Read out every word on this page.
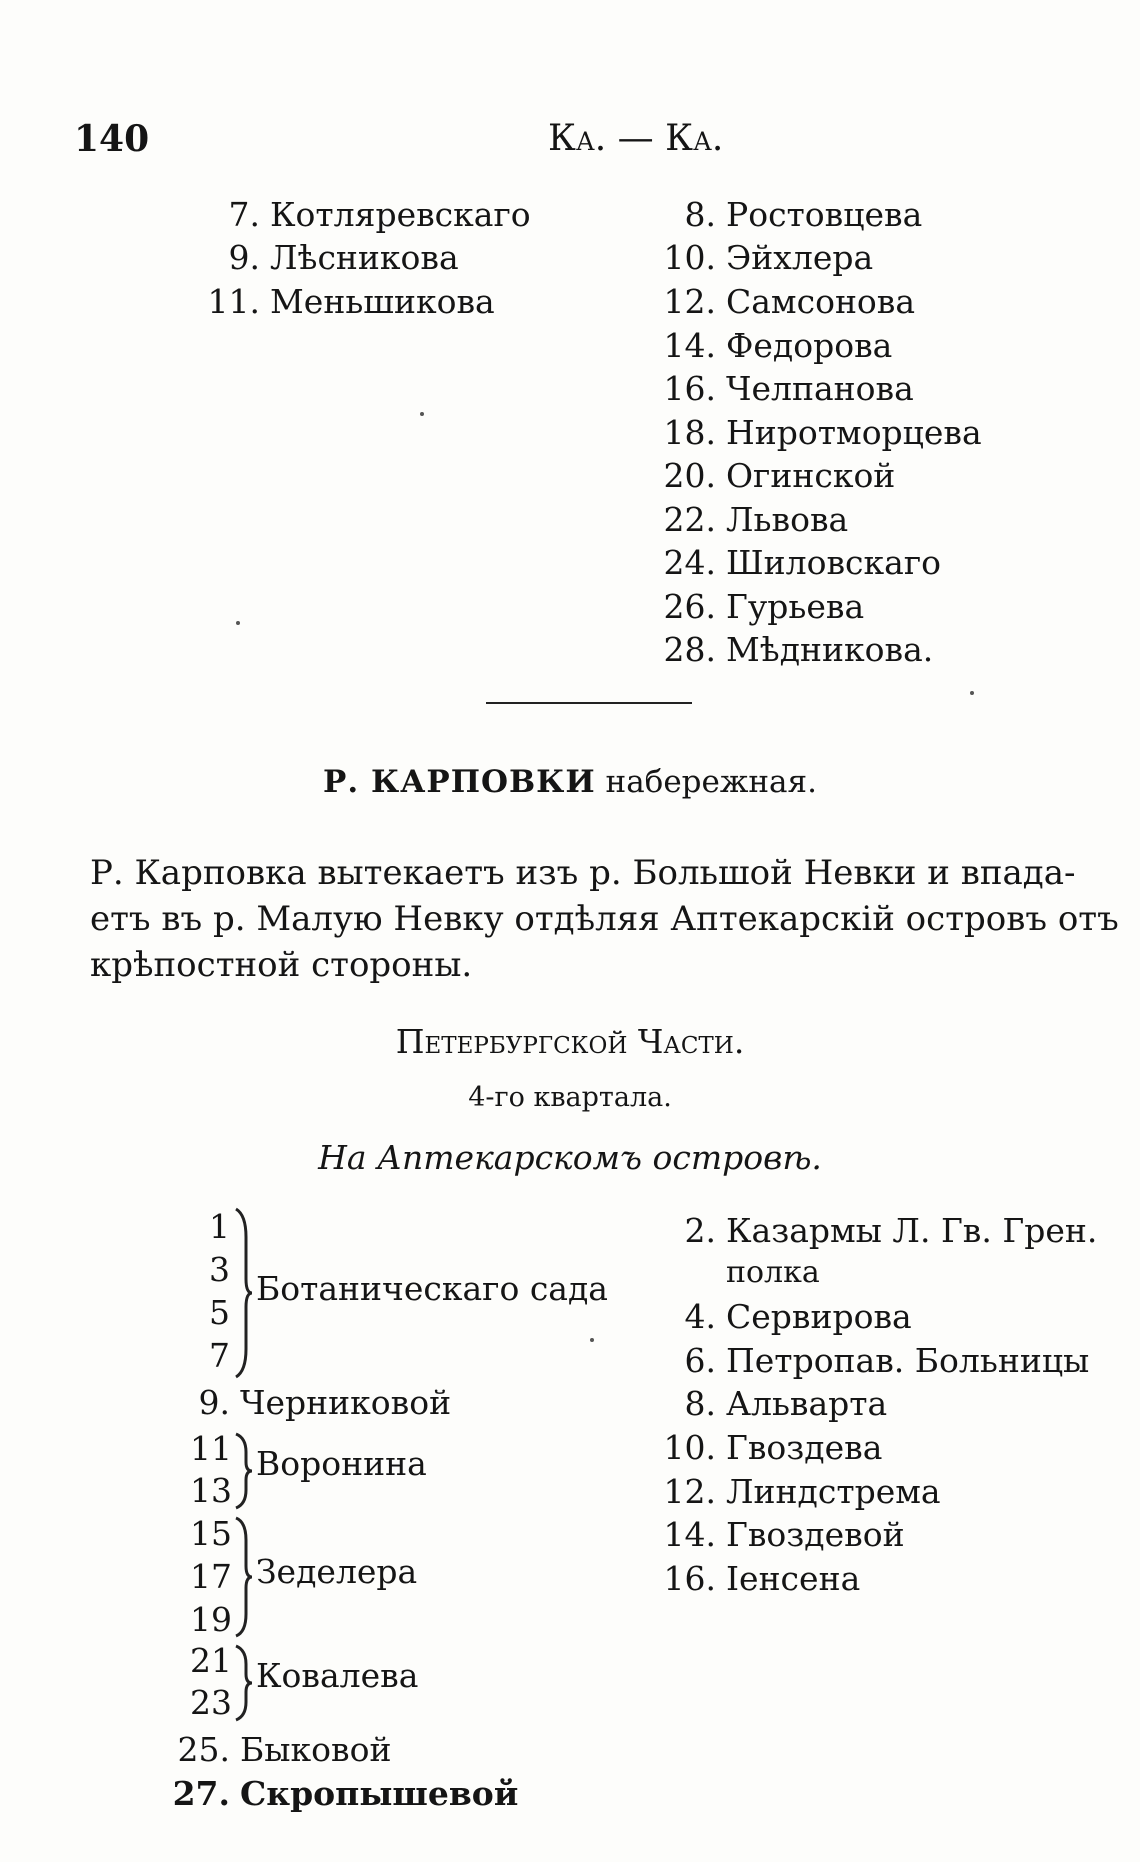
140	Ка. — Ка.
7. Котляревскаго
9. Лѣсникова
11. Меньшикова
8. Ростовцева
10. Эйхлера
12. Самсонова
14. Федорова
16. Челпанова
18. Ниротморцева
20. Огинской
22. Львова
24. Шиловскаго
26. Гурьева
28. Мѣдникова.
Р. КАРПОВКИ набережная.
Р. Карповка вытекаетъ изъ р. Большой Невки и впада-
етъ въ р. Малую Невку отдѣляя Аптекарскій островъ отъ
крѣпостной стороны.
Петербургской Части.
4-го квартала.
На Аптекарскомъ островѣ.
1
3
5
7
Ботаническаго сада
9. Черниковой
11
13
Воронина
15
17
19
Зеделера
21
23
Ковалева
25. Быковой
27. Скропышевой
2. Казармы Л. Гв. Грен.
полка
4. Сервирова
6. Петропав. Больницы
8. Альварта
10. Гвоздева
12. Линдстрема
14. Гвоздевой
16. Іенсена
